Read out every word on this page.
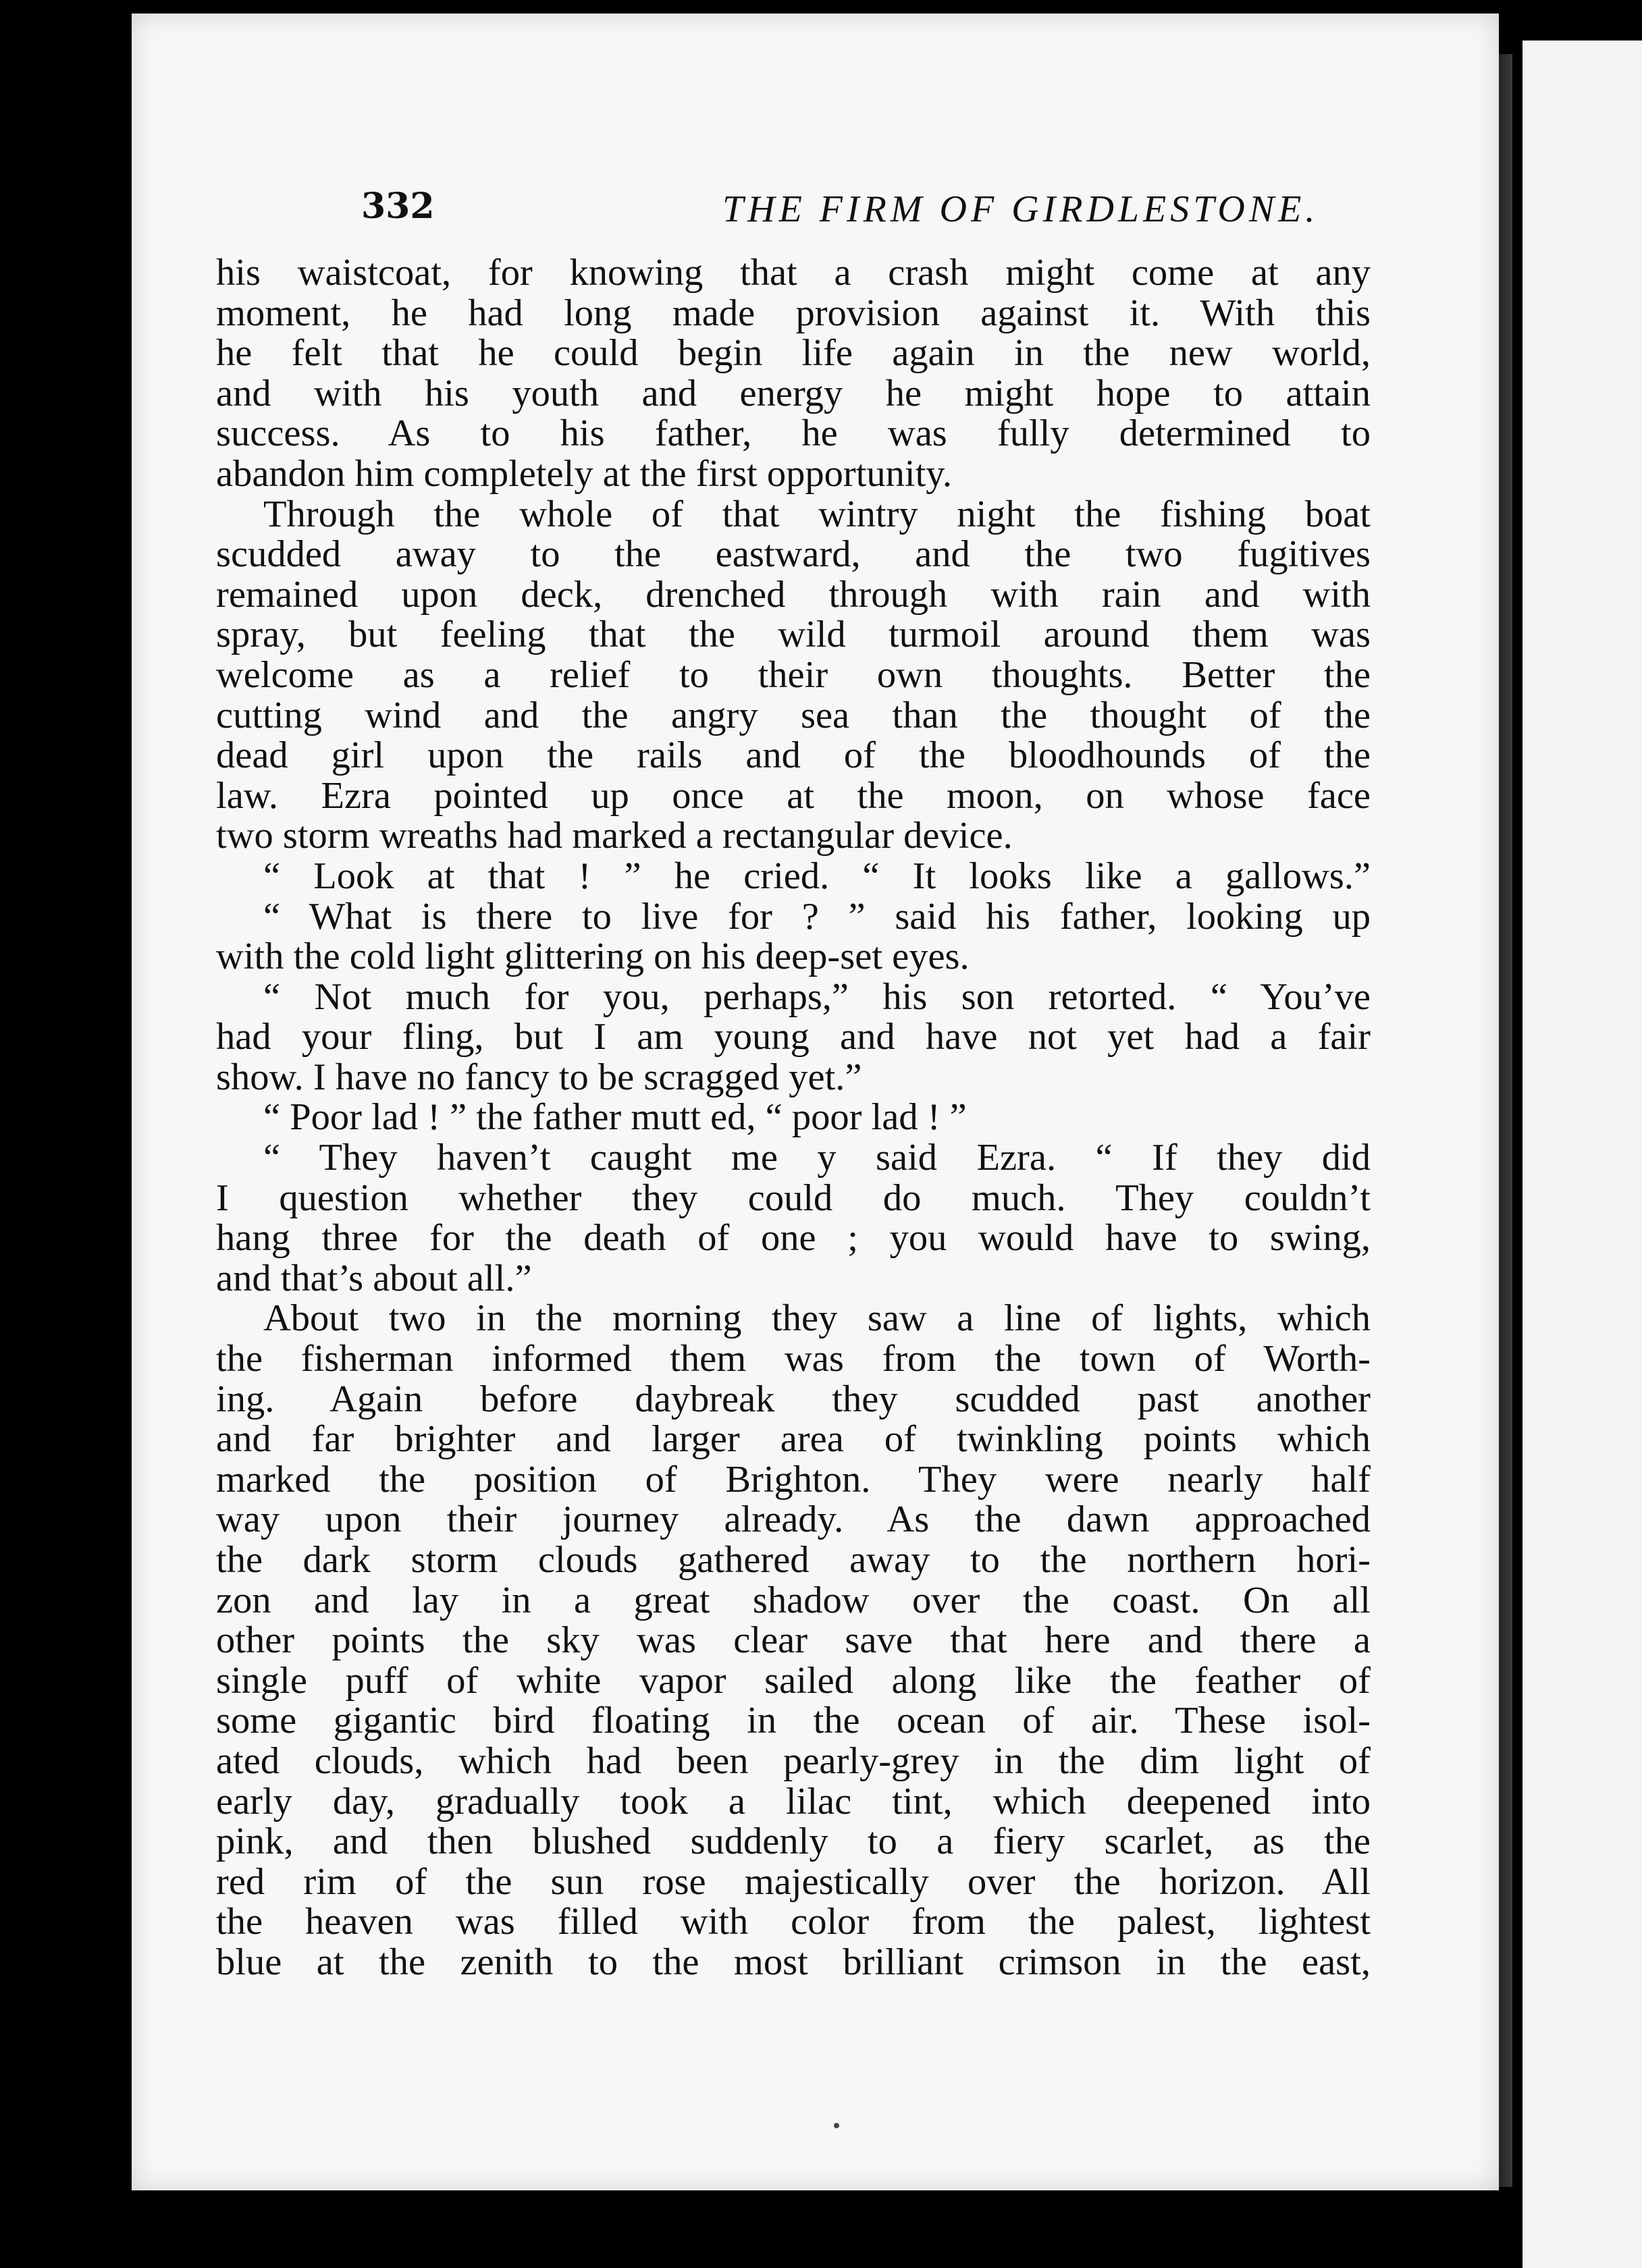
332	THE FIRM OF GIRDLESTONE.

his waistcoat, for knowing that a crash might come at any

moment, he had long made provision against it. With this

he felt that he could begin life again in the new world,

and with his youth and energy he might hope to attain

success. As to his father, he was fully determined to

abandon him completely at the first opportunity.

Through the whole of that wintry night the fishing boat

scudded away to the eastward, and the two fugitives

remained upon deck, drenched through with rain and with

spray, but feeling that the wild turmoil around them was

welcome as a relief to their own thoughts. Better the

cutting wind and the angry sea than the thought of the

dead girl upon the rails and of the bloodhounds of the

law. Ezra pointed up once at the moon, on whose face

two storm wreaths had marked a rectangular device.

“ Look at that ! ” he cried. “ It looks like a gallows.”

“ What is there to live for ? ” said his father, looking up

with the cold light glittering on his deep-set eyes.

“ Not much for you, perhaps,” his son retorted. “ You’ve

had your fling, but I am young and have not yet had a fair

show. I have no fancy to be scragged yet.”

“ Poor lad ! ” the father mutt ed, “ poor lad ! ”

“ They haven’t caught me y said Ezra. “ If they did

I question whether they could do much. They couldn’t

hang three for the death of one ; you would have to swing,

and that’s about all.”

About two in the morning they saw a line of lights, which

the fisherman informed them was from the town of Worth-

ing. Again before daybreak they scudded past another

and far brighter and larger area of twinkling points which

marked the position of Brighton. They were nearly half

way upon their journey already. As the dawn approached

the dark storm clouds gathered away to the northern hori-

zon and lay in a great shadow over the coast. On all

other points the sky was clear save that here and there a

single puff of white vapor sailed along like the feather of

some gigantic bird floating in the ocean of air. These isol-

ated clouds, which had been pearly-grey in the dim light of

early day, gradually took a lilac tint, which deepened into

pink, and then blushed suddenly to a fiery scarlet, as the

red rim of the sun rose majestically over the horizon. All

the heaven was filled with color from the palest, lightest

blue at the zenith to the most brilliant crimson in the east,
